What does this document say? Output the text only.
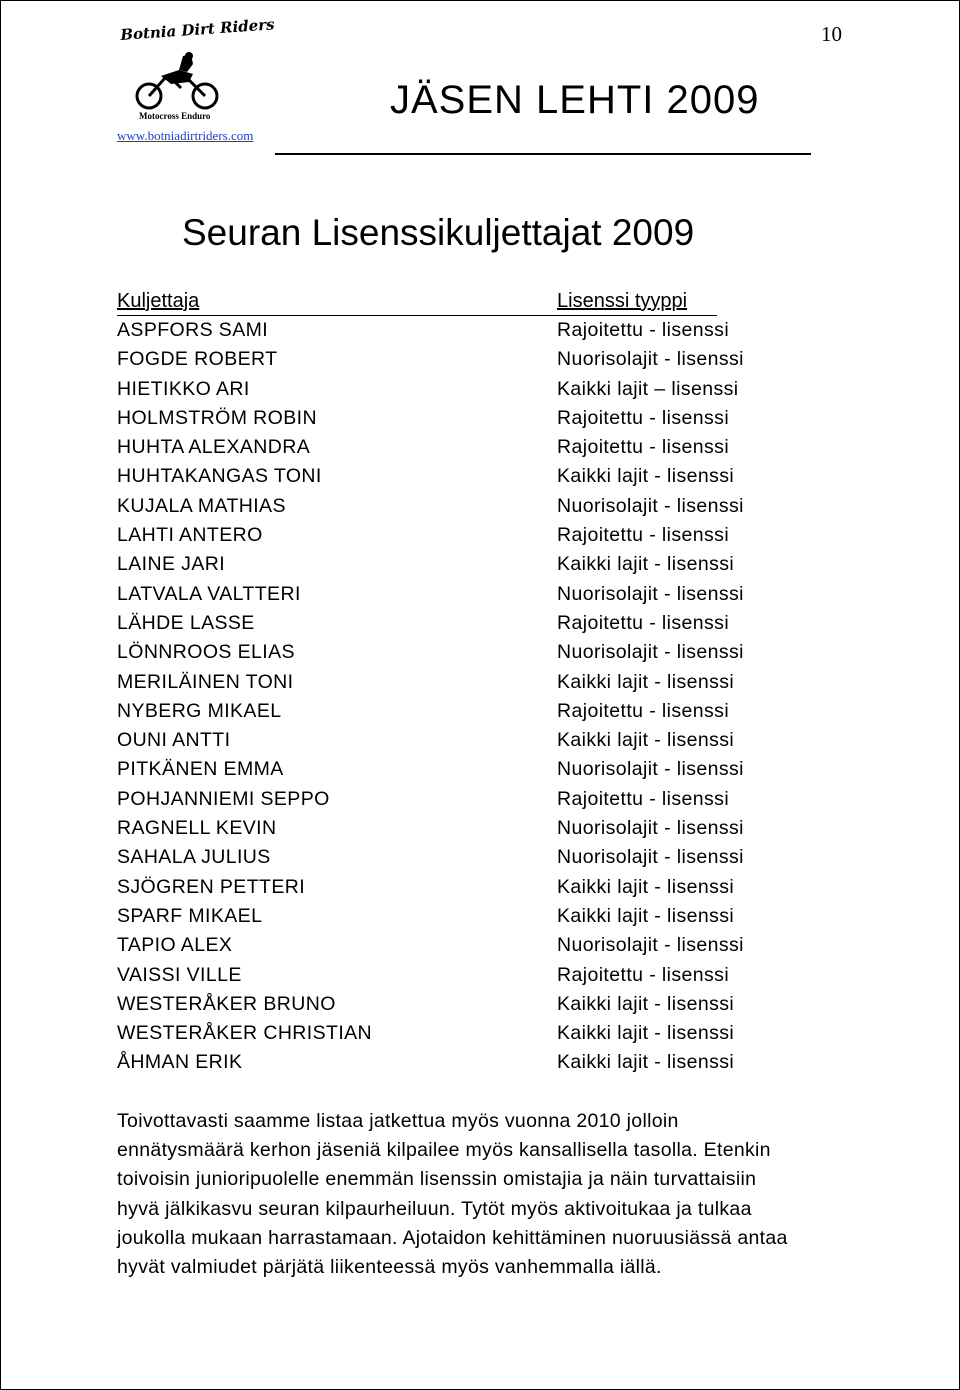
10
Botnia Dirt Riders
Motocross Enduro
www.botniadirtriders.com
JÄSEN LEHTI 2009
Seuran Lisenssikuljettajat 2009
Kuljettaja	Lisenssi tyyppi
ASPFORS SAMI	Rajoitettu - lisenssi
FOGDE ROBERT	Nuorisolajit - lisenssi
HIETIKKO ARI	Kaikki lajit – lisenssi
HOLMSTRÖM ROBIN	Rajoitettu - lisenssi
HUHTA ALEXANDRA	Rajoitettu - lisenssi
HUHTAKANGAS TONI	Kaikki lajit - lisenssi
KUJALA MATHIAS	Nuorisolajit - lisenssi
LAHTI ANTERO	Rajoitettu - lisenssi
LAINE JARI	Kaikki lajit - lisenssi
LATVALA VALTTERI	Nuorisolajit - lisenssi
LÄHDE LASSE	Rajoitettu - lisenssi
LÖNNROOS ELIAS	Nuorisolajit - lisenssi
MERILÄINEN TONI	Kaikki lajit - lisenssi
NYBERG MIKAEL	Rajoitettu - lisenssi
OUNI ANTTI	Kaikki lajit - lisenssi
PITKÄNEN EMMA	Nuorisolajit - lisenssi
POHJANNIEMI SEPPO	Rajoitettu - lisenssi
RAGNELL KEVIN	Nuorisolajit - lisenssi
SAHALA JULIUS	Nuorisolajit - lisenssi
SJÖGREN PETTERI	Kaikki lajit - lisenssi
SPARF MIKAEL	Kaikki lajit - lisenssi
TAPIO ALEX	Nuorisolajit - lisenssi
VAISSI VILLE	Rajoitettu - lisenssi
WESTERÅKER BRUNO	Kaikki lajit - lisenssi
WESTERÅKER CHRISTIAN	Kaikki lajit - lisenssi
ÅHMAN ERIK	Kaikki lajit - lisenssi
Toivottavasti saamme listaa jatkettua myös vuonna 2010 jolloin
ennätysmäärä kerhon jäseniä kilpailee myös kansallisella tasolla. Etenkin
toivoisin junioripuolelle enemmän lisenssin omistajia ja näin turvattaisiin
hyvä jälkikasvu seuran kilpaurheiluun. Tytöt myös aktivoitukaa ja tulkaa
joukolla mukaan harrastamaan. Ajotaidon kehittäminen nuoruusiässä antaa
hyvät valmiudet pärjätä liikenteessä myös vanhemmalla iällä.
